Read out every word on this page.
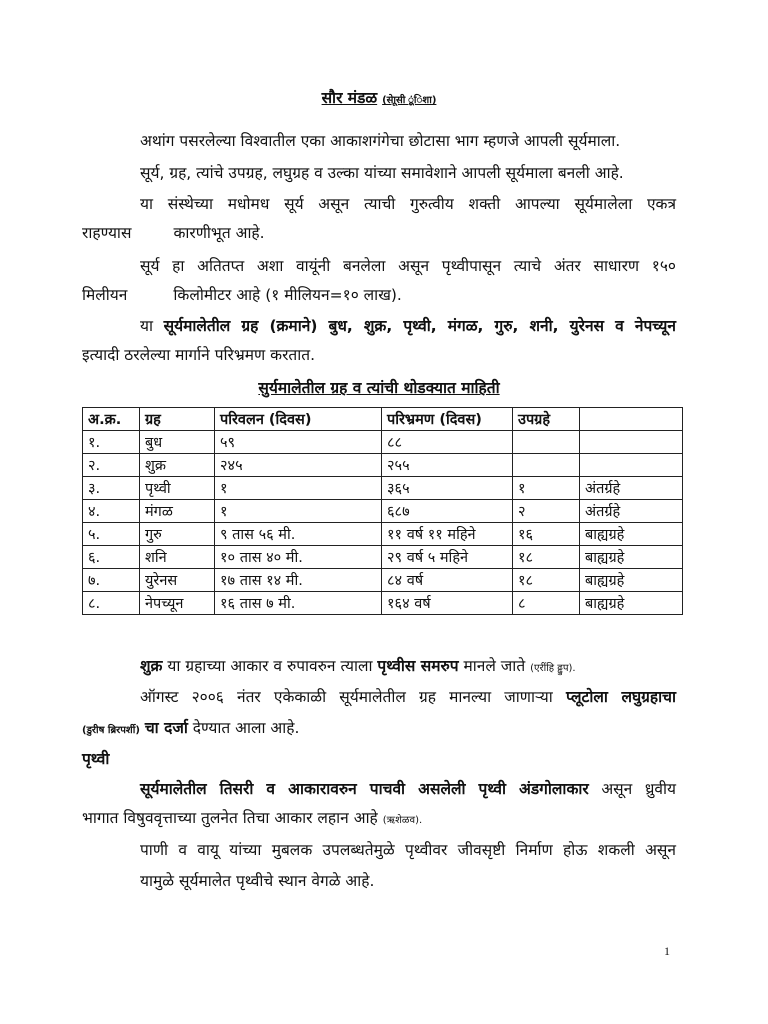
सौर मंडळ (सेाूसी ूूंिशा)
अथांग पसरलेल्या विश्वातील एका आकाशगंगेचा छोटासा भाग म्हणजे आपली सूर्यमाला.
सूर्य, ग्रह, त्यांचे उपग्रह, लघुग्रह व उल्का यांच्या समावेशाने आपली सूर्यमाला बनली आहे.
या संस्थेच्या मधोमध सूर्य असून त्याची गुरुत्वीय शक्ती आपल्या सूर्यमालेला एकत्र
राहण्यास	कारणीभूत आहे.
सूर्य हा अतितप्त अशा वायूंनी बनलेला असून पृथ्वीपासून त्याचे अंतर साधारण १५०
मिलीयन	किलोमीटर आहे (१ मीलियन=१० लाख).
या सूर्यमालेतील ग्रह (क्रमाने) बुध, शुक्र, पृथ्वी, मंगळ, गुरु, शनी, युरेनस व नेपच्यून
इत्यादी ठरलेल्या मार्गाने परिभ्रमण करतात.
सुर्यमालेतील ग्रह व त्यांची थोडक्यात माहिती
अ.क्र.	ग्रह	परिवलन (दिवस)	परिभ्रमण (दिवस)	उपग्रहे	
१.	बुध	५९	८८		
२.	शुक्र	२४५	२५५		
३.	पृथ्वी	१	३६५	१	अंतर्ग्रहे
४.	मंगळ	१	६८७	२	अंतर्ग्रहे
५.	गुरु	९ तास ५६ मी.	११ वर्ष ११ महिने	१६	बाह्यग्रहे
६.	शनि	१० तास ४० मी.	२९ वर्ष ५ महिने	१८	बाह्यग्रहे
७.	युरेनस	१७ तास १४ मी.	८४ वर्ष	१८	बाह्यग्रहे
८.	नेपच्यून	१६ तास ७ मी.	१६४ वर्ष	८	बाह्यग्रहे
शुक्र या ग्रहाच्या आकार व रुपावरुन त्याला पृथ्वीस समरुप मानले जाते (एरींहि ढ्ढुप).
ऑगस्ट २००६ नंतर एकेकाळी सूर्यमालेतील ग्रह मानल्या जाणाऱ्या प्लूटोला लघुग्रहाचा
(डुरीष ब्रिरपर्शी) चा दर्जा देण्यात आला आहे.
पृथ्वी
सूर्यमालेतील तिसरी व आकारावरुन पाचवी असलेली पृथ्वी अंडगोलाकार असून ध्रुवीय
भागात विषुववृत्ताच्या तुलनेत तिचा आकार लहान आहे (ऋशेळव).
पाणी व वायू यांच्या मुबलक उपलब्धतेमुळे पृथ्वीवर जीवसृष्टी निर्माण होऊ शकली असून
यामुळे सूर्यमालेत पृथ्वीचे स्थान वेगळे आहे.
1
